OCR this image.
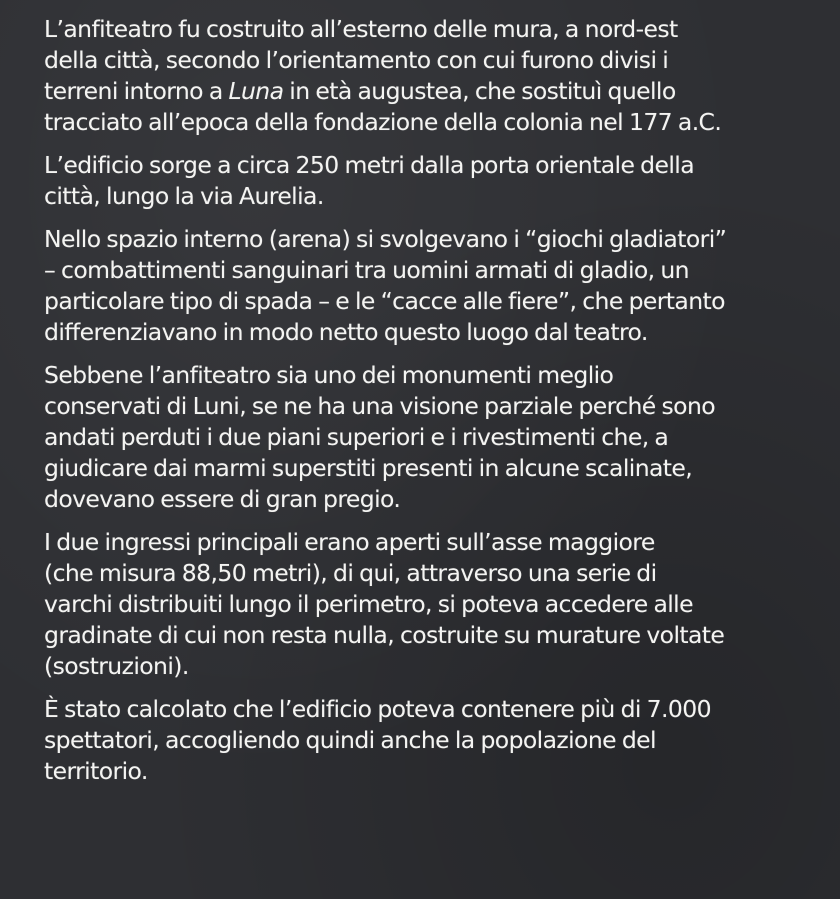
L’anfiteatro fu costruito all’esterno delle mura, a nord-est
della città, secondo l’orientamento con cui furono divisi i
terreni intorno a Luna in età augustea, che sostituì quello
tracciato all’epoca della fondazione della colonia nel 177 a.C.

L’edificio sorge a circa 250 metri dalla porta orientale della
città, lungo la via Aurelia.

Nello spazio interno (arena) si svolgevano i “giochi gladiatori”
– combattimenti sanguinari tra uomini armati di gladio, un
particolare tipo di spada – e le “cacce alle fiere”, che pertanto
differenziavano in modo netto questo luogo dal teatro.

Sebbene l’anfiteatro sia uno dei monumenti meglio
conservati di Luni, se ne ha una visione parziale perché sono
andati perduti i due piani superiori e i rivestimenti che, a
giudicare dai marmi superstiti presenti in alcune scalinate,
dovevano essere di gran pregio.

I due ingressi principali erano aperti sull’asse maggiore
(che misura 88,50 metri), di qui, attraverso una serie di
varchi distribuiti lungo il perimetro, si poteva accedere alle
gradinate di cui non resta nulla, costruite su murature voltate
(sostruzioni).

È stato calcolato che l’edificio poteva contenere più di 7.000
spettatori, accogliendo quindi anche la popolazione del
territorio.
